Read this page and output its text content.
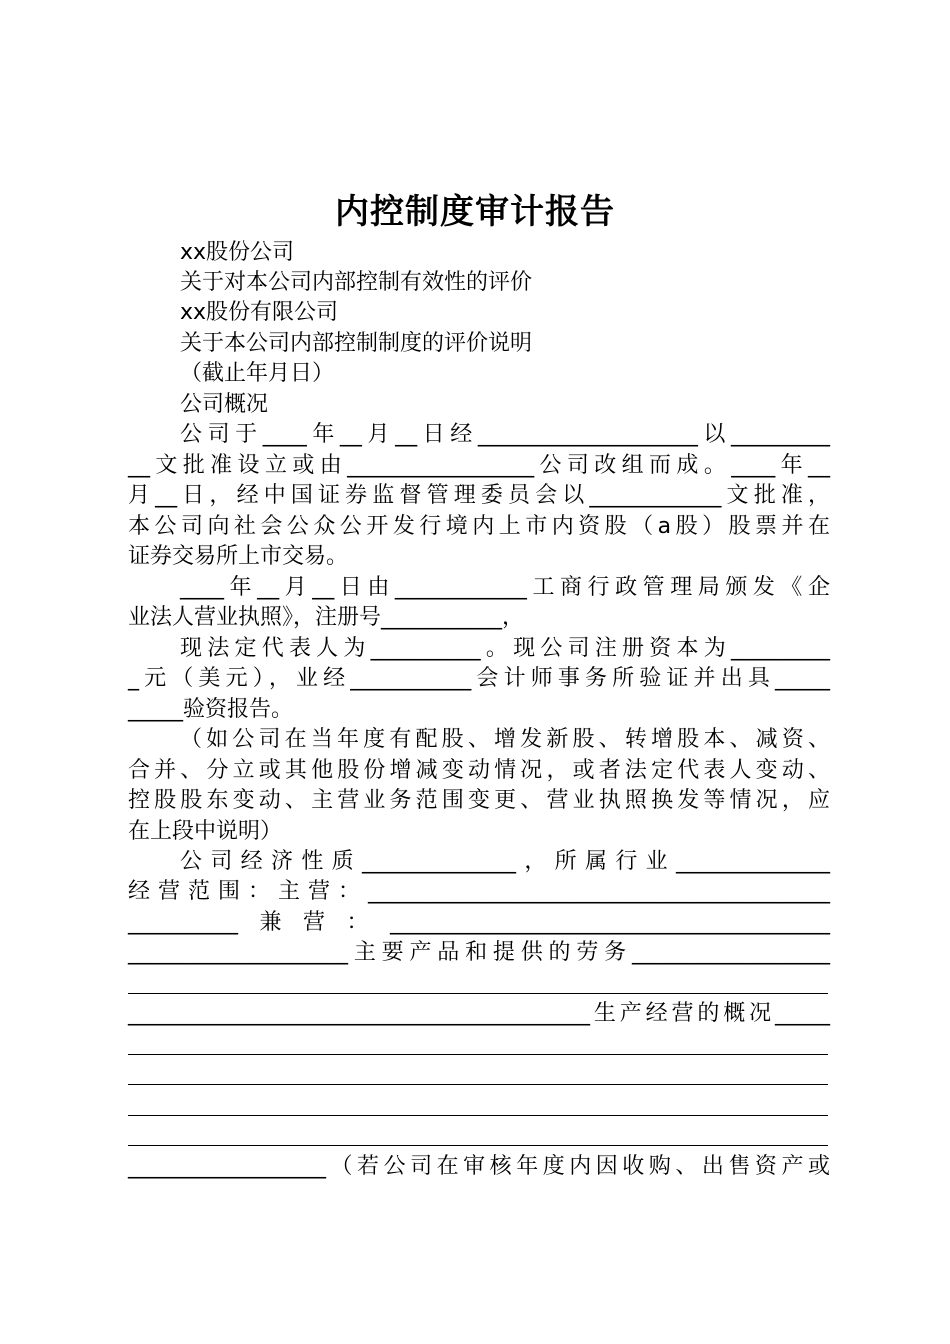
内控制度审计报告
xx股份公司
关于对本公司内部控制有效性的评价
xx股份有限公司
关于本公司内部控制制度的评价说明
（截止年月日）
公司概况
公司于____年__月__日经____________________以_________
__文批准设立或由_________________公司改组而成。____年__
月__日，经中国证券监督管理委员会以____________文批准，
本公司向社会公众公开发行境内上市内资股（a股）股票并在
证券交易所上市交易。
____年__月__日由____________工商行政管理局颁发《企
业法人营业执照》，注册号___________，
现法定代表人为__________。现公司注册资本为_________
_元（美元），业经___________会计师事务所验证并出具_____
_____验资报告。
（如公司在当年度有配股、增发新股、转增股本、减资、
合并、分立或其他股份增减变动情况，或者法定代表人变动、
控股股东变动、主营业务范围变更、营业执照换发等情况，应
在上段中说明）
公司经济性质______________，所属行业______________
经营范围：主营：__________________________________________
__________兼营：________________________________________
____________________主要产品和提供的劳务__________________
__________________________________________生产经营的概况_____
__________________（若公司在审核年度内因收购、出售资产或
